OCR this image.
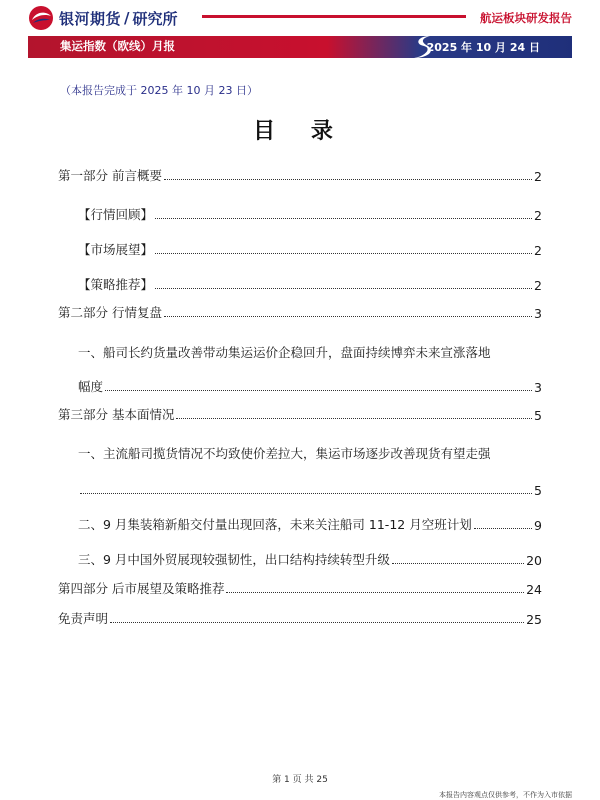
银河期货 / 研究所	航运板块研发报告
集运指数（欧线）月报	2025 年 10 月 24 日
（本报告完成于 2025 年 10 月 23 日）
目 录
第一部分 前言概要	2
【行情回顾】	2
【市场展望】	2
【策略推荐】	2
第二部分 行情复盘	3
一、船司长约货量改善带动集运运价企稳回升，盘面持续博弈未来宣涨落地
幅度	3
第三部分 基本面情况	5
一、主流船司揽货情况不均致使价差拉大，集运市场逐步改善现货有望走强
5
二、9 月集装箱新船交付量出现回落，未来关注船司 11-12 月空班计划	9
三、9 月中国外贸展现较强韧性，出口结构持续转型升级	20
第四部分 后市展望及策略推荐	24
免责声明	25
第 1 页 共 25
本报告内容观点仅供参考，不作为入市依据
